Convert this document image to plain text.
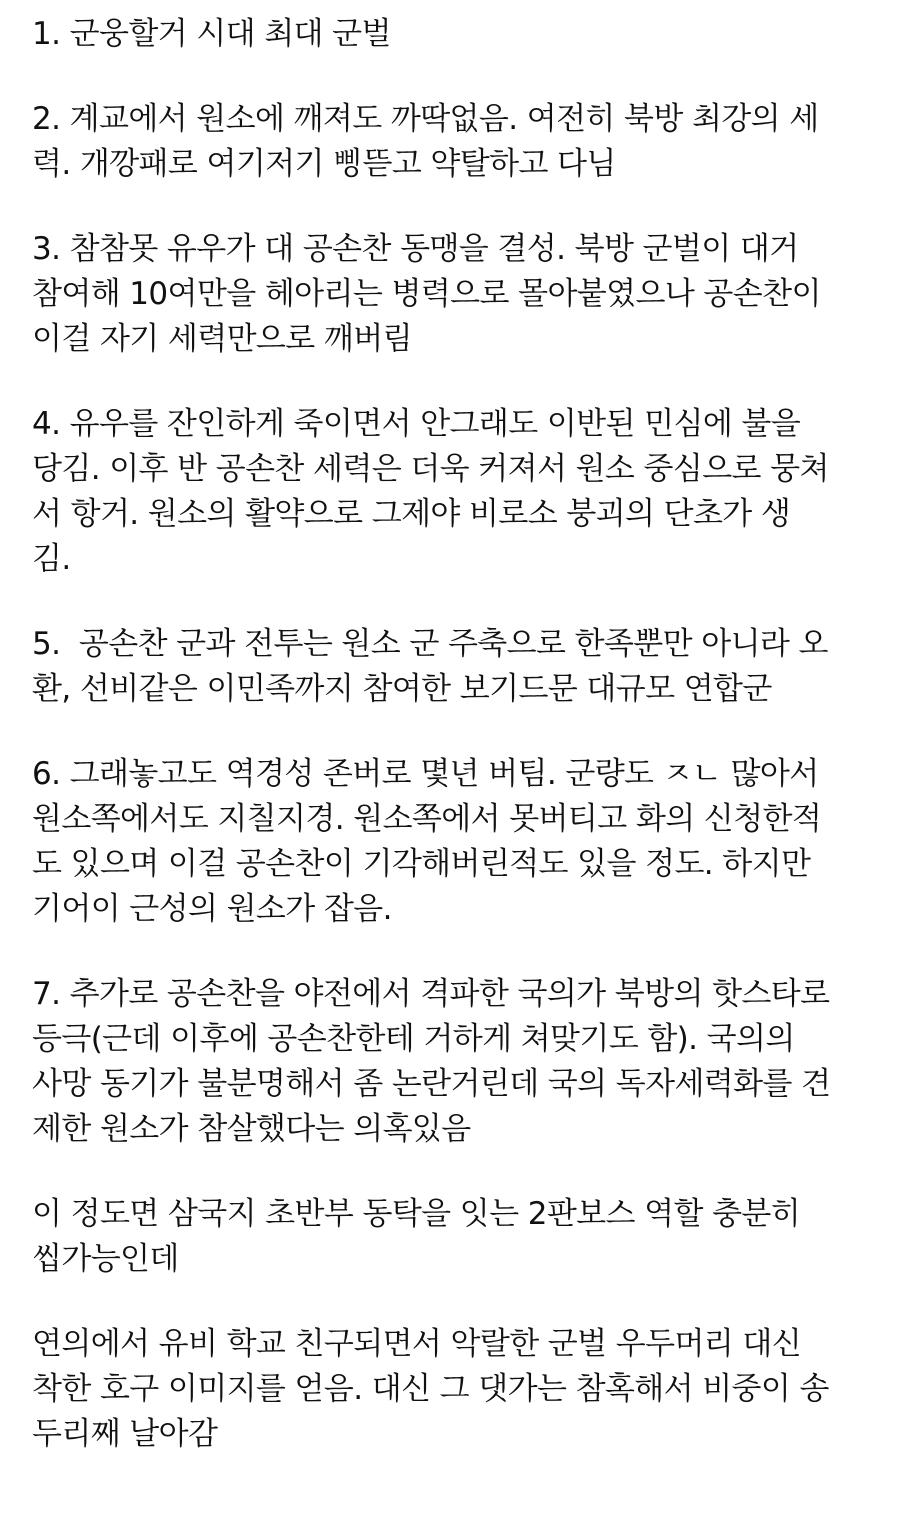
1. 군웅할거 시대 최대 군벌
2. 계교에서 원소에 깨져도 까딱없음. 여전히 북방 최강의 세
력. 개깡패로 여기저기 삥뜯고 약탈하고 다님
3. 참참못 유우가 대 공손찬 동맹을 결성. 북방 군벌이 대거
참여해 10여만을 헤아리는 병력으로 몰아붙였으나 공손찬이
이걸 자기 세력만으로 깨버림
4. 유우를 잔인하게 죽이면서 안그래도 이반된 민심에 불을
당김. 이후 반 공손찬 세력은 더욱 커져서 원소 중심으로 뭉쳐
서 항거. 원소의 활약으로 그제야 비로소 붕괴의 단초가 생
김.
5.  공손찬 군과 전투는 원소 군 주축으로 한족뿐만 아니라 오
환, 선비같은 이민족까지 참여한 보기드문 대규모 연합군
6. 그래놓고도 역경성 존버로 몇년 버팀. 군량도 ㅈㄴ 많아서
원소쪽에서도 지칠지경. 원소쪽에서 못버티고 화의 신청한적
도 있으며 이걸 공손찬이 기각해버린적도 있을 정도. 하지만
기어이 근성의 원소가 잡음.
7. 추가로 공손찬을 야전에서 격파한 국의가 북방의 핫스타로
등극(근데 이후에 공손찬한테 거하게 쳐맞기도 함). 국의의
사망 동기가 불분명해서 좀 논란거린데 국의 독자세력화를 견
제한 원소가 참살했다는 의혹있음
이 정도면 삼국지 초반부 동탁을 잇는 2판보스 역할 충분히
씹가능인데
연의에서 유비 학교 친구되면서 악랄한 군벌 우두머리 대신
착한 호구 이미지를 얻음. 대신 그 댓가는 참혹해서 비중이 송
두리째 날아감
